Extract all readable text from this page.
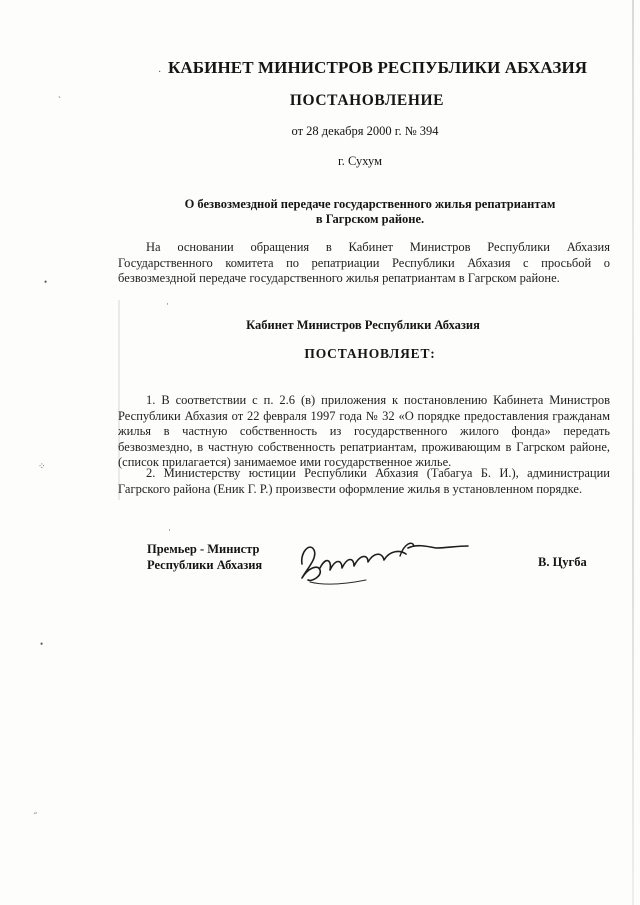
˴
•
⁘
•
˶
·
·
·
КАБИНЕТ МИНИСТРОВ РЕСПУБЛИКИ АБХАЗИЯ
ПОСТАНОВЛЕНИЕ
от 28 декабря 2000 г. № 394
г. Сухум
О безвозмездной передаче государственного жилья репатриантам
в Гагрском районе.
На основании обращения в Кабинет Министров Республики Абхазия Государственного комитета по репатриации Республики Абхазия с просьбой о безвозмездной передаче государственного жилья репатриантам в Гагрском районе.
Кабинет Министров Республики Абхазия
ПОСТАНОВЛЯЕТ:
1. В соответствии с п. 2.6 (в) приложения к постановлению Кабинета Министров Республики Абхазия от 22 февраля 1997 года № 32 «О порядке предоставления гражданам жилья в частную собственность из государственного жилого фонда» передать безвозмездно, в частную собственность репатриантам, проживающим в Гагрском районе, (список прилагается) занимаемое ими государственное жилье.
2. Министерству юстиции Республики Абхазия (Табагуа Б. И.), администрации Гагрского района (Еник Г. Р.) произвести оформление жилья в установленном порядке.
Премьер - Министр
Республики Абхазия	В. Цугба
